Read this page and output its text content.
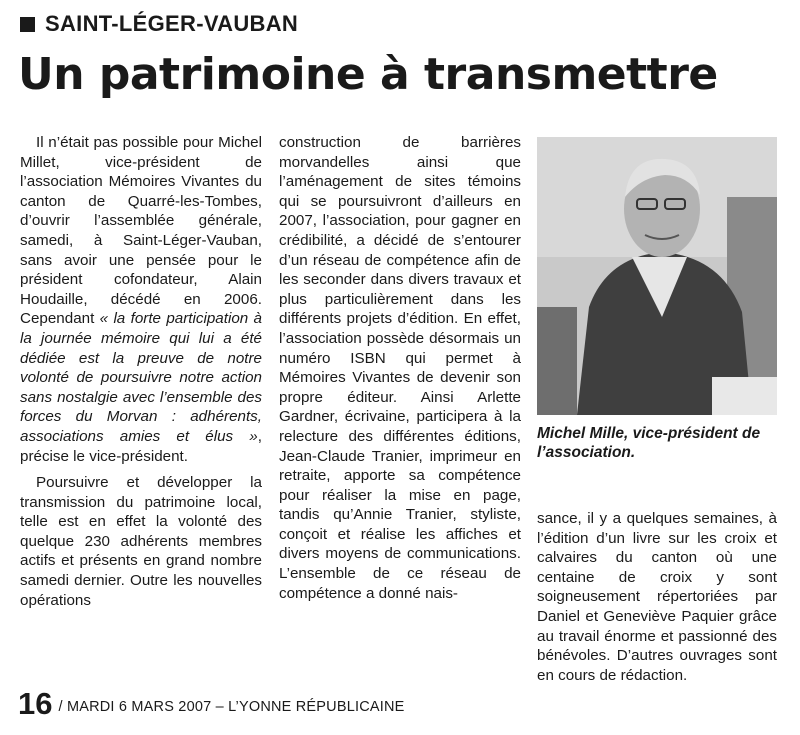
SAINT-LÉGER-VAUBAN
Un patrimoine à transmettre

Il n’était pas possible pour Michel Millet, vice-président de l’association Mémoires Vivantes du canton de Quarré-les-Tombes, d’ouvrir l’assemblée générale, samedi, à Saint-Léger-Vauban, sans avoir une pensée pour le président cofondateur, Alain Houdaille, décédé en 2006. Cependant « la forte participation à la journée mémoire qui lui a été dédiée est la preuve de notre volonté de poursuivre notre action sans nostalgie avec l’ensemble des forces du Morvan : adhérents, associations amies et élus », précise le vice-président.

Poursuivre et développer la transmission du patrimoine local, telle est en effet la volonté des quelque 230 adhérents membres actifs et présents en grand nombre samedi dernier. Outre les nouvelles opérations

construction de barrières morvandelles ainsi que l’aménagement de sites témoins qui se poursuivront d’ailleurs en 2007, l’association, pour gagner en crédibilité, a décidé de s’entourer d’un réseau de compétence afin de les seconder dans divers travaux et plus particulièrement dans les différents projets d’édition. En effet, l’association possède désormais un numéro ISBN qui permet à Mémoires Vivantes de devenir son propre éditeur. Ainsi Arlette Gardner, écrivaine, participera à la relecture des différentes éditions, Jean-Claude Tranier, imprimeur en retraite, apporte sa compétence pour réaliser la mise en page, tandis qu’Annie Tranier, styliste, conçoit et réalise les affiches et divers moyens de communications. L’ensemble de ce réseau de compétence a donné nais-

Michel Mille, vice-président de l’association.

sance, il y a quelques semaines, à l’édition d’un livre sur les croix et calvaires du canton où une centaine de croix y sont soigneusement répertoriées par Daniel et Geneviève Paquier grâce au travail énorme et passionné des bénévoles. D’autres ouvrages sont en cours de rédaction.

16 / MARDI 6 MARS 2007 – L’YONNE RÉPUBLICAINE
